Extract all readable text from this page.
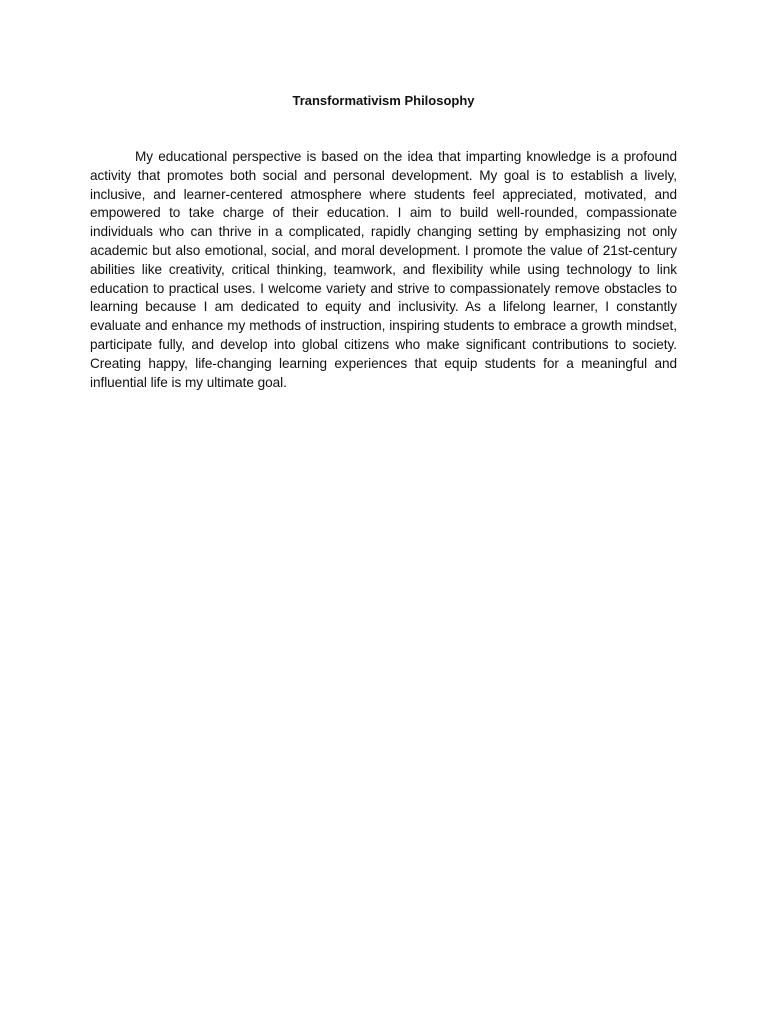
Transformativism Philosophy

My educational perspective is based on the idea that imparting knowledge is a profound activity that promotes both social and personal development. My goal is to establish a lively, inclusive, and learner-centered atmosphere where students feel appreciated, motivated, and empowered to take charge of their education. I aim to build well-rounded, compassionate individuals who can thrive in a complicated, rapidly changing setting by emphasizing not only academic but also emotional, social, and moral development. I promote the value of 21st-century abilities like creativity, critical thinking, teamwork, and flexibility while using technology to link education to practical uses. I welcome variety and strive to compassionately remove obstacles to learning because I am dedicated to equity and inclusivity. As a lifelong learner, I constantly evaluate and enhance my methods of instruction, inspiring students to embrace a growth mindset, participate fully, and develop into global citizens who make significant contributions to society. Creating happy, life-changing learning experiences that equip students for a meaningful and influential life is my ultimate goal.
